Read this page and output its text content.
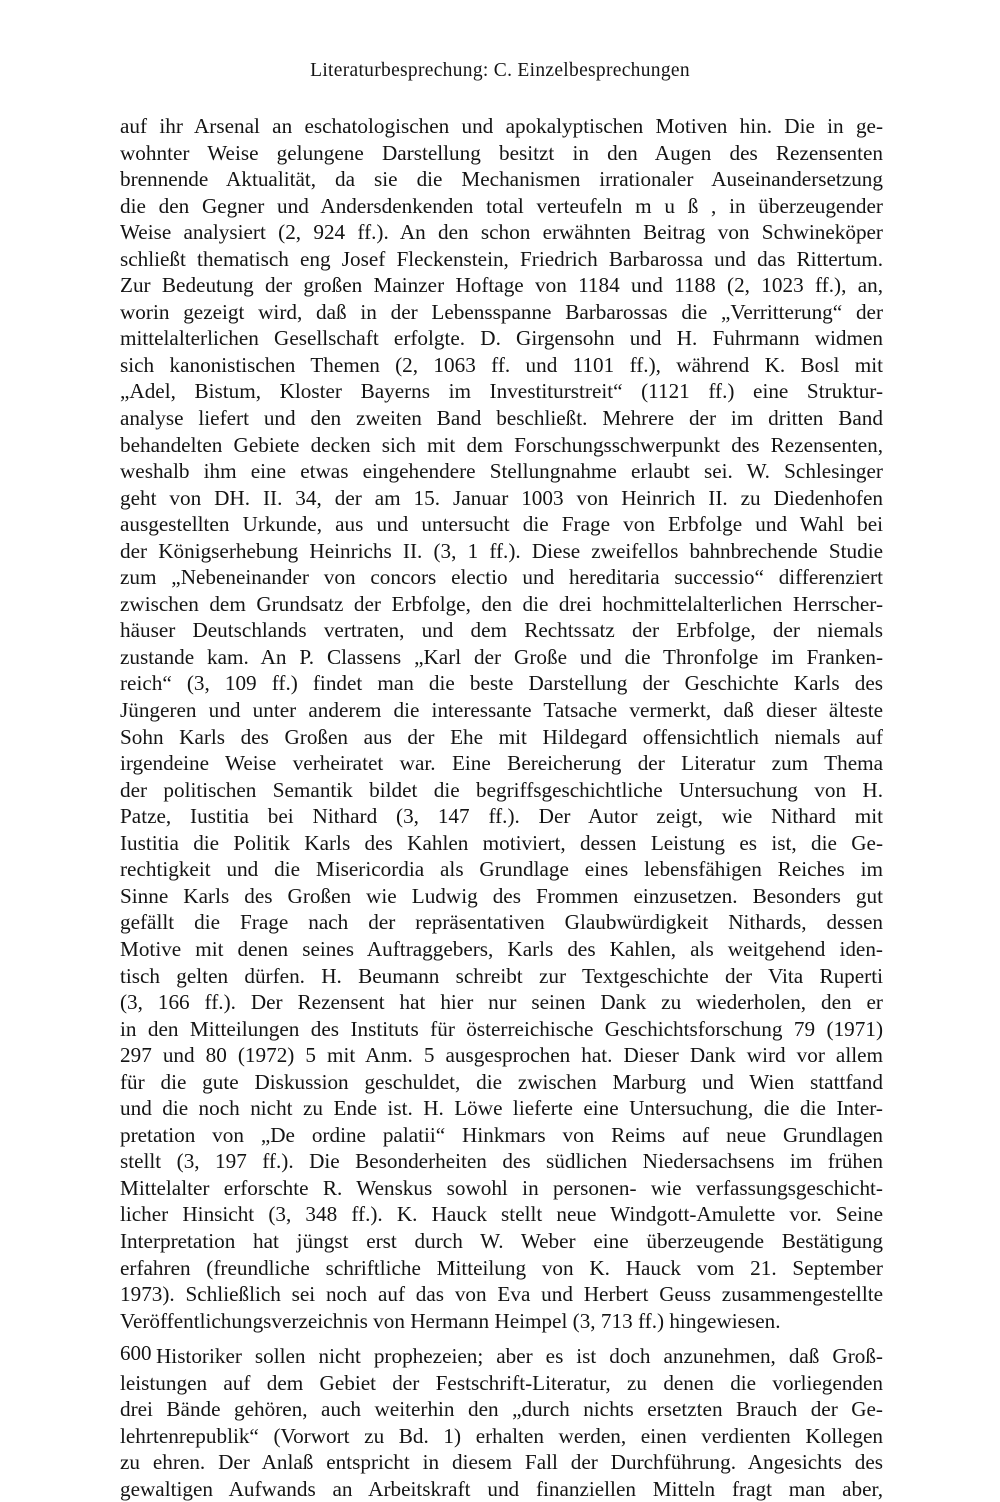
Literaturbesprechung: C. Einzelbesprechungen
auf ihr Arsenal an eschatologischen und apokalyptischen Motiven hin. Die in ge-
wohnter Weise gelungene Darstellung besitzt in den Augen des Rezensenten
brennende Aktualität, da sie die Mechanismen irrationaler Auseinandersetzung
die den Gegner und Andersdenkenden total verteufeln m u ß , in überzeugender
Weise analysiert (2, 924 ff.). An den schon erwähnten Beitrag von Schwineköper
schließt thematisch eng Josef Fleckenstein, Friedrich Barbarossa und das Rittertum.
Zur Bedeutung der großen Mainzer Hoftage von 1184 und 1188 (2, 1023 ff.), an,
worin gezeigt wird, daß in der Lebensspanne Barbarossas die „Verritterung“ der
mittelalterlichen Gesellschaft erfolgte. D. Girgensohn und H. Fuhrmann widmen
sich kanonistischen Themen (2, 1063 ff. und 1101 ff.), während K. Bosl mit
„Adel, Bistum, Kloster Bayerns im Investiturstreit“ (1121 ff.) eine Struktur-
analyse liefert und den zweiten Band beschließt. Mehrere der im dritten Band
behandelten Gebiete decken sich mit dem Forschungsschwerpunkt des Rezensenten,
weshalb ihm eine etwas eingehendere Stellungnahme erlaubt sei. W. Schlesinger
geht von DH. II. 34, der am 15. Januar 1003 von Heinrich II. zu Diedenhofen
ausgestellten Urkunde, aus und untersucht die Frage von Erbfolge und Wahl bei
der Königserhebung Heinrichs II. (3, 1 ff.). Diese zweifellos bahnbrechende Studie
zum „Nebeneinander von concors electio und hereditaria successio“ differenziert
zwischen dem Grundsatz der Erbfolge, den die drei hochmittelalterlichen Herrscher-
häuser Deutschlands vertraten, und dem Rechtssatz der Erbfolge, der niemals
zustande kam. An P. Classens „Karl der Große und die Thronfolge im Franken-
reich“ (3, 109 ff.) findet man die beste Darstellung der Geschichte Karls des
Jüngeren und unter anderem die interessante Tatsache vermerkt, daß dieser älteste
Sohn Karls des Großen aus der Ehe mit Hildegard offensichtlich niemals auf
irgendeine Weise verheiratet war. Eine Bereicherung der Literatur zum Thema
der politischen Semantik bildet die begriffsgeschichtliche Untersuchung von H.
Patze, Iustitia bei Nithard (3, 147 ff.). Der Autor zeigt, wie Nithard mit
Iustitia die Politik Karls des Kahlen motiviert, dessen Leistung es ist, die Ge-
rechtigkeit und die Misericordia als Grundlage eines lebensfähigen Reiches im
Sinne Karls des Großen wie Ludwig des Frommen einzusetzen. Besonders gut
gefällt die Frage nach der repräsentativen Glaubwürdigkeit Nithards, dessen
Motive mit denen seines Auftraggebers, Karls des Kahlen, als weitgehend iden-
tisch gelten dürfen. H. Beumann schreibt zur Textgeschichte der Vita Ruperti
(3, 166 ff.). Der Rezensent hat hier nur seinen Dank zu wiederholen, den er
in den Mitteilungen des Instituts für österreichische Geschichtsforschung 79 (1971)
297 und 80 (1972) 5 mit Anm. 5 ausgesprochen hat. Dieser Dank wird vor allem
für die gute Diskussion geschuldet, die zwischen Marburg und Wien stattfand
und die noch nicht zu Ende ist. H. Löwe lieferte eine Untersuchung, die die Inter-
pretation von „De ordine palatii“ Hinkmars von Reims auf neue Grundlagen
stellt (3, 197 ff.). Die Besonderheiten des südlichen Niedersachsens im frühen
Mittelalter erforschte R. Wenskus sowohl in personen- wie verfassungsgeschicht-
licher Hinsicht (3, 348 ff.). K. Hauck stellt neue Windgott-Amulette vor. Seine
Interpretation hat jüngst erst durch W. Weber eine überzeugende Bestätigung
erfahren (freundliche schriftliche Mitteilung von K. Hauck vom 21. September
1973). Schließlich sei noch auf das von Eva und Herbert Geuss zusammengestellte
Veröffentlichungsverzeichnis von Hermann Heimpel (3, 713 ff.) hingewiesen.
Historiker sollen nicht prophezeien; aber es ist doch anzunehmen, daß Groß-
leistungen auf dem Gebiet der Festschrift-Literatur, zu denen die vorliegenden
drei Bände gehören, auch weiterhin den „durch nichts ersetzten Brauch der Ge-
lehrtenrepublik“ (Vorwort zu Bd. 1) erhalten werden, einen verdienten Kollegen
zu ehren. Der Anlaß entspricht in diesem Fall der Durchführung. Angesichts des
gewaltigen Aufwands an Arbeitskraft und finanziellen Mitteln fragt man aber,
600
